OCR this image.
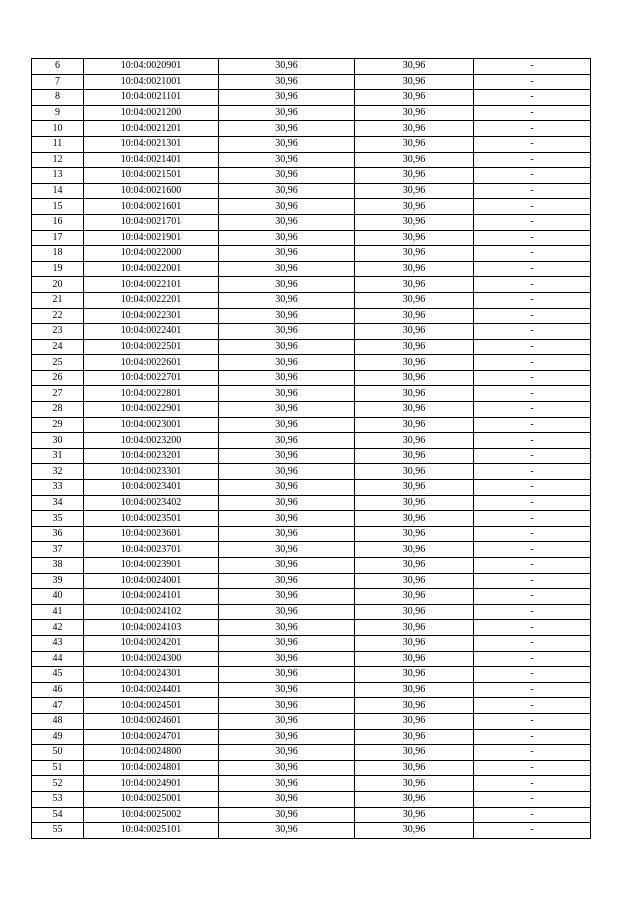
6	10:04:0020901	30,96	30,96	-
7	10:04:0021001	30,96	30,96	-
8	10:04:0021101	30,96	30,96	-
9	10:04:0021200	30,96	30,96	-
10	10:04:0021201	30,96	30,96	-
11	10:04:0021301	30,96	30,96	-
12	10:04:0021401	30,96	30,96	-
13	10:04:0021501	30,96	30,96	-
14	10:04:0021600	30,96	30,96	-
15	10:04:0021601	30,96	30,96	-
16	10:04:0021701	30,96	30,96	-
17	10:04:0021901	30,96	30,96	-
18	10:04:0022000	30,96	30,96	-
19	10:04:0022001	30,96	30,96	-
20	10:04:0022101	30,96	30,96	-
21	10:04:0022201	30,96	30,96	-
22	10:04:0022301	30,96	30,96	-
23	10:04:0022401	30,96	30,96	-
24	10:04:0022501	30,96	30,96	-
25	10:04:0022601	30,96	30,96	-
26	10:04:0022701	30,96	30,96	-
27	10:04:0022801	30,96	30,96	-
28	10:04:0022901	30,96	30,96	-
29	10:04:0023001	30,96	30,96	-
30	10:04:0023200	30,96	30,96	-
31	10:04:0023201	30,96	30,96	-
32	10:04:0023301	30,96	30,96	-
33	10:04:0023401	30,96	30,96	-
34	10:04:0023402	30,96	30,96	-
35	10:04:0023501	30,96	30,96	-
36	10:04:0023601	30,96	30,96	-
37	10:04:0023701	30,96	30,96	-
38	10:04:0023901	30,96	30,96	-
39	10:04:0024001	30,96	30,96	-
40	10:04:0024101	30,96	30,96	-
41	10:04:0024102	30,96	30,96	-
42	10:04:0024103	30,96	30,96	-
43	10:04:0024201	30,96	30,96	-
44	10:04:0024300	30,96	30,96	-
45	10:04:0024301	30,96	30,96	-
46	10:04:0024401	30,96	30,96	-
47	10:04:0024501	30,96	30,96	-
48	10:04:0024601	30,96	30,96	-
49	10:04:0024701	30,96	30,96	-
50	10:04:0024800	30,96	30,96	-
51	10:04:0024801	30,96	30,96	-
52	10:04:0024901	30,96	30,96	-
53	10:04:0025001	30,96	30,96	-
54	10:04:0025002	30,96	30,96	-
55	10:04:0025101	30,96	30,96	-
